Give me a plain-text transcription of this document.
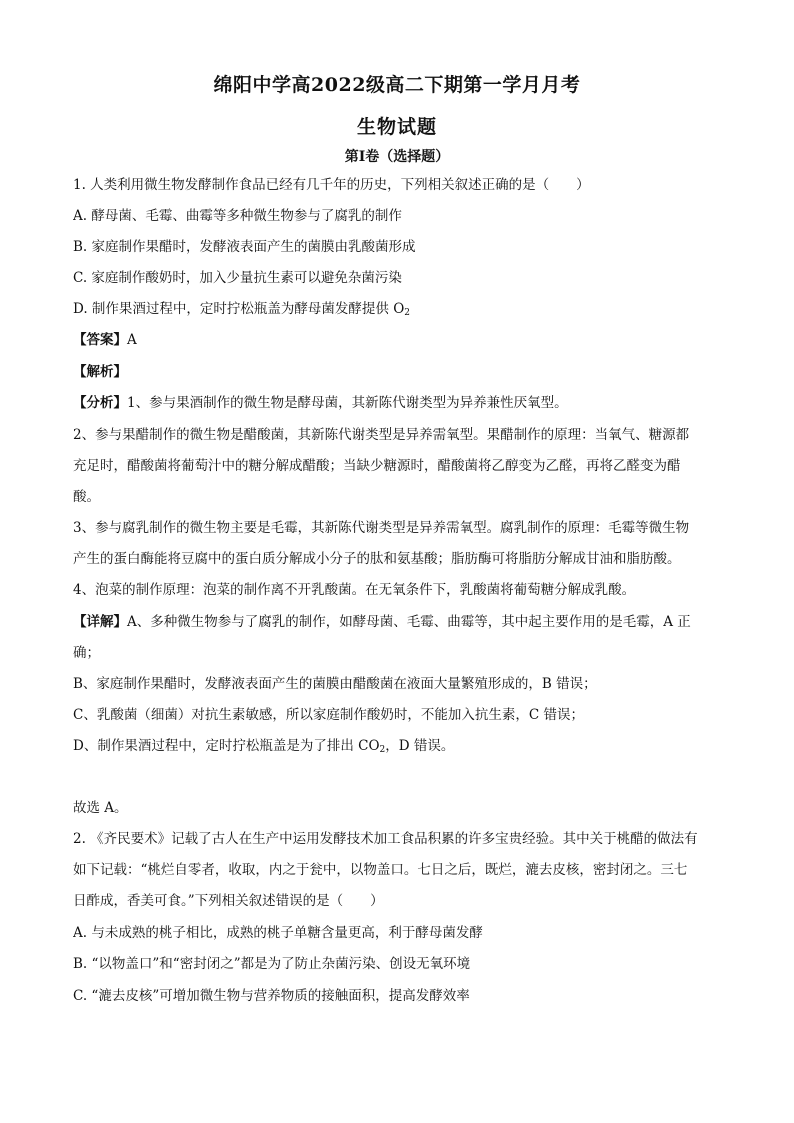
绵阳中学高2022级高二下期第一学月月考
生物试题
第Ⅰ卷（选择题）
1. 人类利用微生物发酵制作食品已经有几千年的历史，下列相关叙述正确的是（　　）
A. 酵母菌、毛霉、曲霉等多种微生物参与了腐乳的制作
B. 家庭制作果醋时，发酵液表面产生的菌膜由乳酸菌形成
C. 家庭制作酸奶时，加入少量抗生素可以避免杂菌污染
D. 制作果酒过程中，定时拧松瓶盖为酵母菌发酵提供 $O_2$
【答案】A
【解析】
【分析】1、参与果酒制作的微生物是酵母菌，其新陈代谢类型为异养兼性厌氧型。
2、参与果醋制作的微生物是醋酸菌，其新陈代谢类型是异养需氧型。果醋制作的原理：当氧气、糖源都
充足时，醋酸菌将葡萄汁中的糖分解成醋酸；当缺少糖源时，醋酸菌将乙醇变为乙醛，再将乙醛变为醋
酸。
3、参与腐乳制作的微生物主要是毛霉，其新陈代谢类型是异养需氧型。腐乳制作的原理：毛霉等微生物
产生的蛋白酶能将豆腐中的蛋白质分解成小分子的肽和氨基酸；脂肪酶可将脂肪分解成甘油和脂肪酸。
4、泡菜的制作原理：泡菜的制作离不开乳酸菌。在无氧条件下，乳酸菌将葡萄糖分解成乳酸。
【详解】A、多种微生物参与了腐乳的制作，如酵母菌、毛霉、曲霉等，其中起主要作用的是毛霉，A 正
确；
B、家庭制作果醋时，发酵液表面产生的菌膜由醋酸菌在液面大量繁殖形成的，B 错误；
C、乳酸菌（细菌）对抗生素敏感，所以家庭制作酸奶时，不能加入抗生素，C 错误；
D、制作果酒过程中，定时拧松瓶盖是为了排出 $CO_2$，D 错误。
故选 A。
2. 《齐民要术》记载了古人在生产中运用发酵技术加工食品积累的许多宝贵经验。其中关于桃醋的做法有
如下记载：“桃烂自零者，收取，内之于瓮中，以物盖口。七日之后，既烂，漉去皮核，密封闭之。三七
日酢成，香美可食。”下列相关叙述错误的是（　　）
A. 与未成熟的桃子相比，成熟的桃子单糖含量更高，利于酵母菌发酵
B. “以物盖口”和“密封闭之”都是为了防止杂菌污染、创设无氧环境
C. “漉去皮核”可增加微生物与营养物质的接触面积，提高发酵效率
